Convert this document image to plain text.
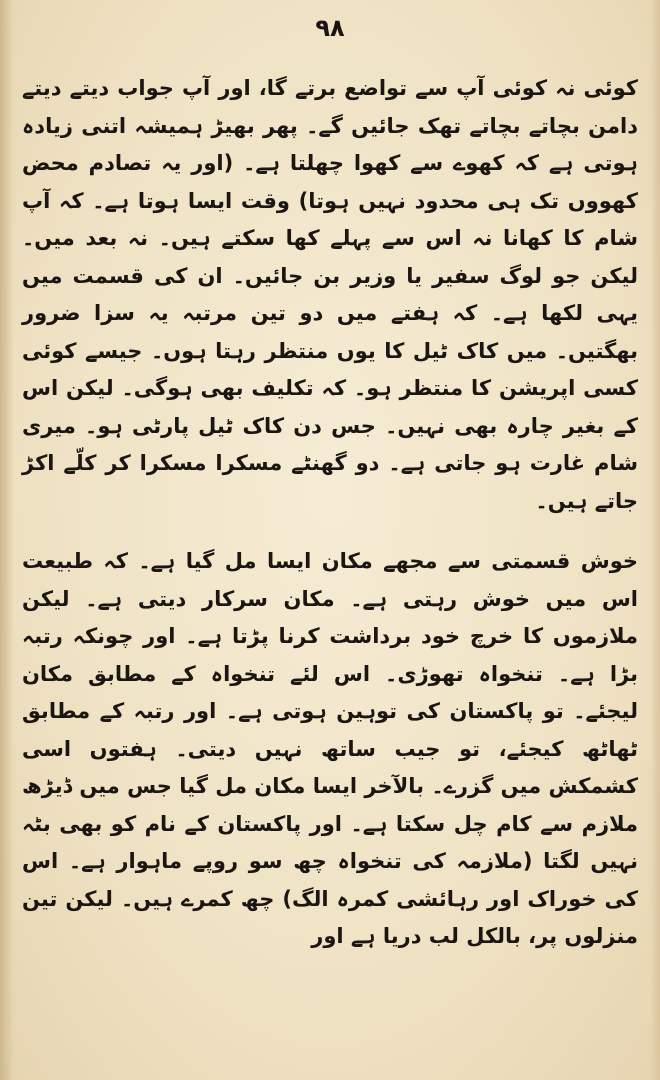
۹۸

کوئی نہ کوئی آپ سے تواضع برتے گا، اور آپ جواب دیتے دیتے دامن بچاتے بچاتے تھک جائیں گے۔ پھر بھیڑ ہمیشہ اتنی زیادہ ہوتی ہے کہ کھوے سے کھوا چھلتا ہے۔ (اور یہ تصادم محض کھووں تک ہی محدود نہیں ہوتا) وقت ایسا ہوتا ہے۔ کہ آپ شام کا کھانا نہ اس سے پہلے کھا سکتے ہیں۔ نہ بعد میں۔ لیکن جو لوگ سفیر یا وزیر بن جائیں۔ ان کی قسمت میں یہی لکھا ہے۔ کہ ہفتے میں دو تین مرتبہ یہ سزا ضرور بھگتیں۔ میں کاک ٹیل کا یوں منتظر رہتا ہوں۔ جیسے کوئی کسی اپریشن کا منتظر ہو۔ کہ تکلیف بھی ہوگی۔ لیکن اس کے بغیر چارہ بھی نہیں۔ جس دن کاک ٹیل پارٹی ہو۔ میری شام غارت ہو جاتی ہے۔ دو گھنٹے مسکرا مسکرا کر کلّے اکڑ جاتے ہیں۔

خوش قسمتی سے مجھے مکان ایسا مل گیا ہے۔ کہ طبیعت اس میں خوش رہتی ہے۔ مکان سرکار دیتی ہے۔ لیکن ملازموں کا خرچ خود برداشت کرنا پڑتا ہے۔ اور چونکہ رتبہ بڑا ہے۔ تنخواہ تھوڑی۔ اس لئے تنخواہ کے مطابق مکان لیجئے۔ تو پاکستان کی توہین ہوتی ہے۔ اور رتبہ کے مطابق ٹھاٹھ کیجئے، تو جیب ساتھ نہیں دیتی۔ ہفتوں اسی کشمکش میں گزرے۔ بالآخر ایسا مکان مل گیا جس میں ڈیڑھ ملازم سے کام چل سکتا ہے۔ اور پاکستان کے نام کو بھی بٹہ نہیں لگتا (ملازمہ کی تنخواہ چھ سو روپے ماہوار ہے۔ اس کی خوراک اور رہائشی کمرہ الگ) چھ کمرے ہیں۔ لیکن تین منزلوں پر، بالکل لب دریا ہے اور
